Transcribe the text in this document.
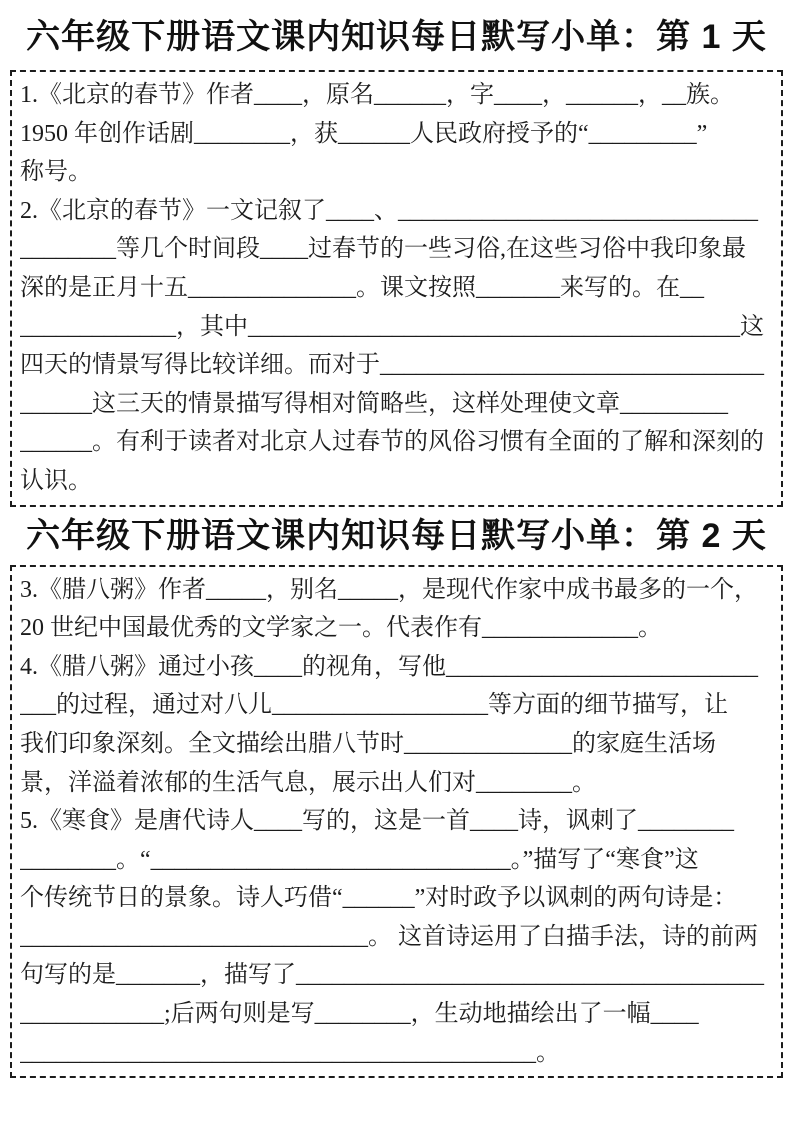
六年级下册语文课内知识每日默写小单：第 1 天
1.《北京的春节》作者____，原名______，字____，______，__族。
1950 年创作话剧________，获______人民政府授予的“_________”
称号。
2.《北京的春节》一文记叙了____、______________________________
________等几个时间段____过春节的一些习俗,在这些习俗中我印象最
深的是正月十五______________。课文按照_______来写的。在__
_____________，其中_________________________________________这
四天的情景写得比较详细。而对于________________________________
______这三天的情景描写得相对简略些，这样处理使文章_________
______。有利于读者对北京人过春节的风俗习惯有全面的了解和深刻的
认识。
六年级下册语文课内知识每日默写小单：第 2 天
3.《腊八粥》作者_____，别名_____，是现代作家中成书最多的一个，
20 世纪中国最优秀的文学家之一。代表作有_____________。
4.《腊八粥》通过小孩____的视角，写他__________________________
___的过程，通过对八儿__________________等方面的细节描写，让
我们印象深刻。全文描绘出腊八节时______________的家庭生活场
景，洋溢着浓郁的生活气息，展示出人们对________。
5.《寒食》是唐代诗人____写的，这是一首____诗，讽刺了________
________。“______________________________。”描写了“寒食”这
个传统节日的景象。诗人巧借“______”对时政予以讽刺的两句诗是：
_____________________________。 这首诗运用了白描手法，诗的前两
句写的是_______，描写了_______________________________________
____________;后两句则是写________，生动地描绘出了一幅____
___________________________________________。
